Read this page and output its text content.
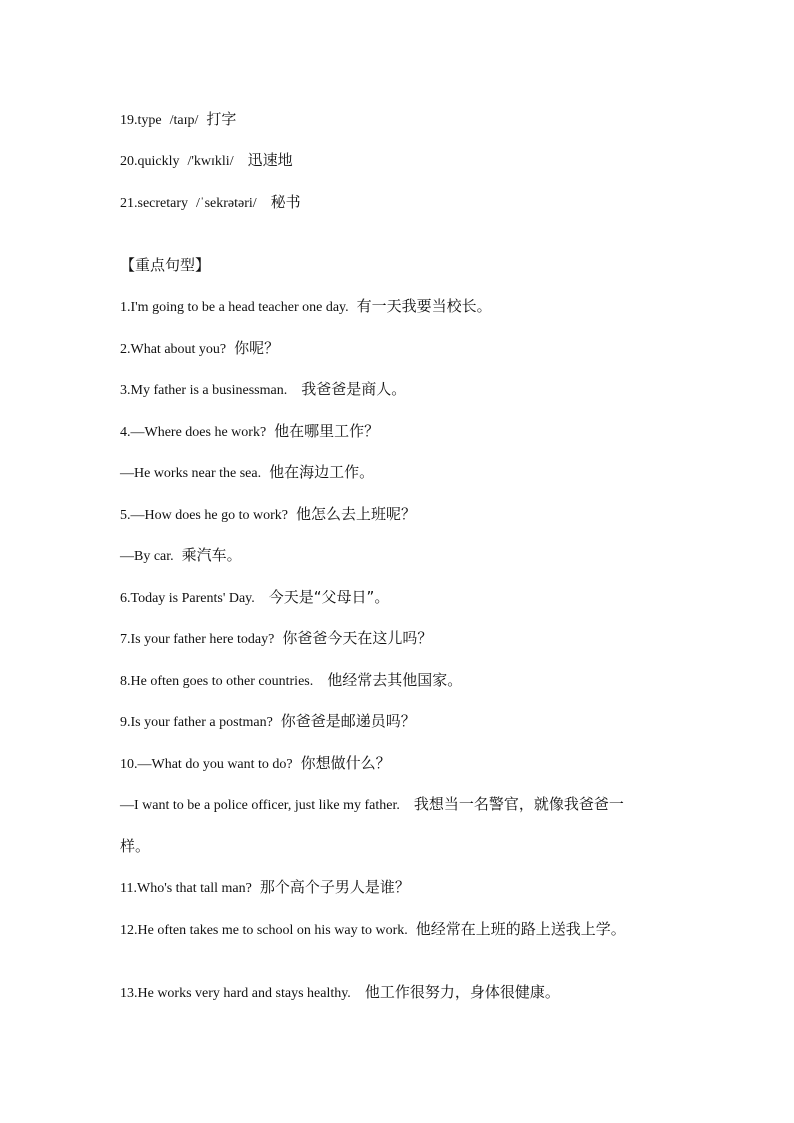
19.type /taɪp/ 打字
20.quickly /'kwɪkli/ 迅速地
21.secretary /ˈsekrətəri/ 秘书
【重点句型】
1.I'm going to be a head teacher one day. 有一天我要当校长。
2.What about you? 你呢？
3.My father is a businessman. 我爸爸是商人。
4.—Where does he work? 他在哪里工作？
—He works near the sea. 他在海边工作。
5.—How does he go to work? 他怎么去上班呢？
—By car. 乘汽车。
6.Today is Parents' Day. 今天是“父母日”。
7.Is your father here today? 你爸爸今天在这儿吗？
8.He often goes to other countries. 他经常去其他国家。
9.Is your father a postman? 你爸爸是邮递员吗？
10.—What do you want to do? 你想做什么？
—I want to be a police officer, just like my father. 我想当一名警官，就像我爸爸一
样。
11.Who's that tall man? 那个高个子男人是谁？
12.He often takes me to school on his way to work. 他经常在上班的路上送我上学。
13.He works very hard and stays healthy. 他工作很努力，身体很健康。
